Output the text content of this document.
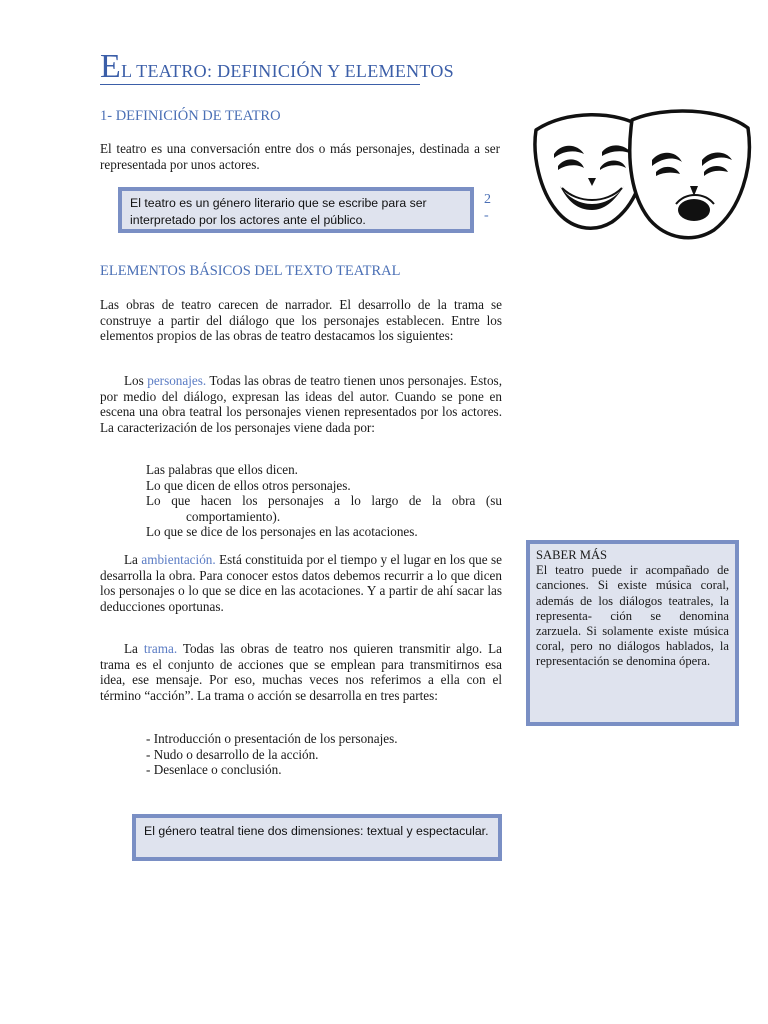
EL TEATRO: DEFINICIÓN Y ELEMENTOS
1- DEFINICIÓN DE TEATRO
El teatro es una conversación entre dos o más personajes, destinada a ser representada por unos actores.
El teatro es un género literario que se escribe para ser interpretado por los actores ante el público.
2
-
ELEMENTOS BÁSICOS DEL TEXTO TEATRAL
Las obras de teatro carecen de narrador. El desarrollo de la trama se construye a partir del diálogo que los personajes establecen. Entre los elementos propios de las obras de teatro destacamos los siguientes:
Los personajes. Todas las obras de teatro tienen unos personajes. Estos, por medio del diálogo, expresan las ideas del autor. Cuando se pone en escena una obra teatral los personajes vienen representados por los actores. La caracterización de los personajes viene dada por:
Las palabras que ellos dicen.
Lo que dicen de ellos otros personajes.
Lo que hacen los personajes a lo largo de la obra (su comportamiento).
Lo que se dice de los personajes en las acotaciones.
La ambientación. Está constituida por el tiempo y el lugar en los que se desarrolla la obra. Para conocer estos datos debemos recurrir a lo que dicen los personajes o lo que se dice en las acotaciones. Y a partir de ahí sacar las deducciones oportunas.
La trama. Todas las obras de teatro nos quieren transmitir algo. La trama es el conjunto de acciones que se emplean para transmitirnos esa idea, ese mensaje. Por eso, muchas veces nos referimos a ella con el término “acción”. La trama o acción se desarrolla en tres partes:
- Introducción o presentación de los personajes.
- Nudo o desarrollo de la acción.
- Desenlace o conclusión.
El género teatral tiene dos dimensiones: textual y espectacular.
SABER MÁS
El teatro puede ir acompañado de canciones. Si existe música coral, además de los diálogos teatrales, la representa- ción se denomina zarzuela. Si solamente existe música coral, pero no diálogos hablados, la representación se denomina ópera.
